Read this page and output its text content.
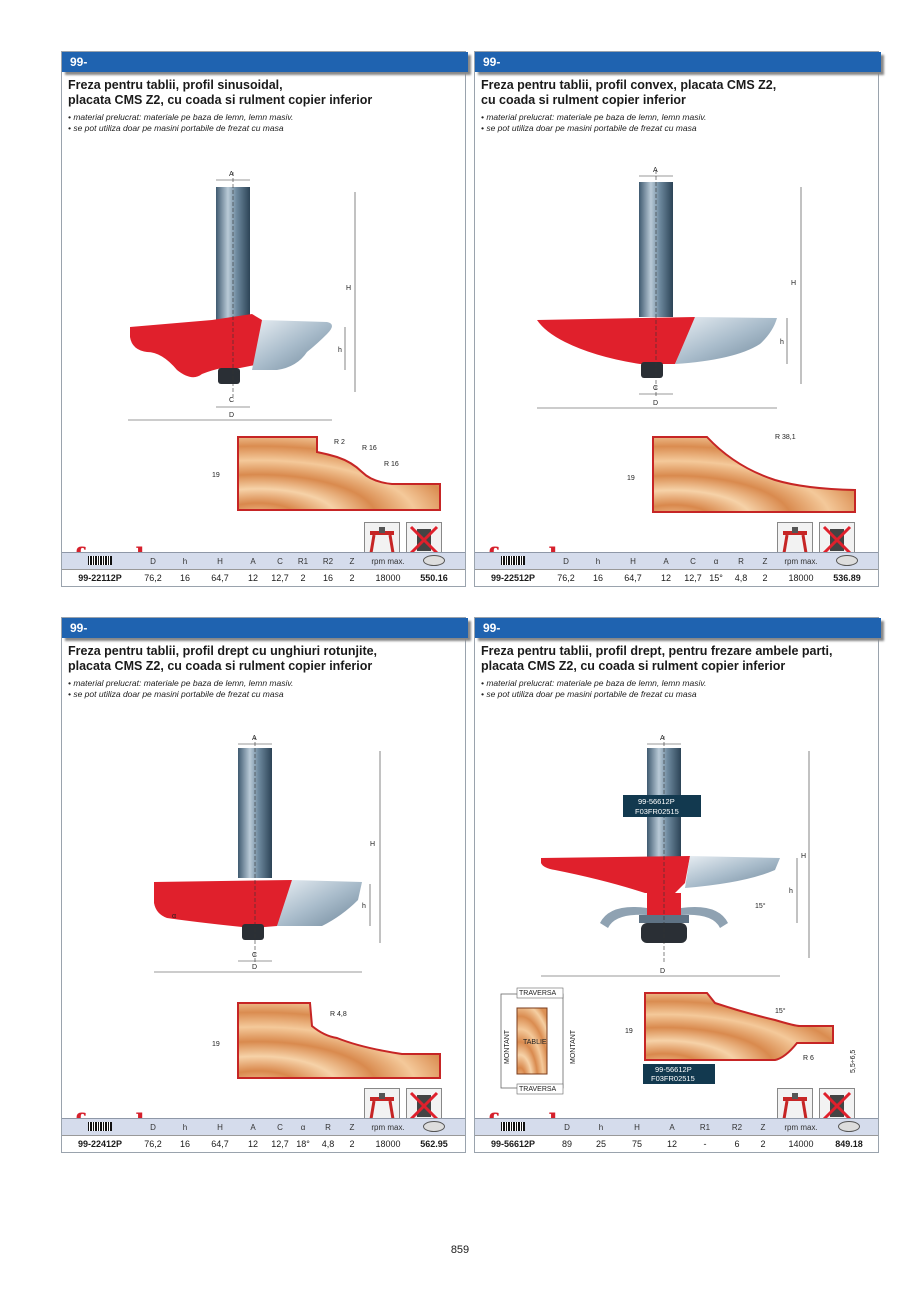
99-
Freza pentru tablii, profil sinusoidal,
placata CMS Z2, cu coada si rulment copier inferior
• material prelucrat: materiale pe baza de lemn, lemn masiv.
• se pot utiliza doar pe masini portabile de frezat cu masa
A
H
h
C
D
19
R 2
R 16
R 16
D	h	H	A	C	R1	R2	Z	rpm max.
99-22112P	76,2	16	64,7	12	12,7	2	16	2	18000	550.16
99-
Freza pentru tablii, profil convex, placata CMS Z2,
cu coada si rulment copier inferior
• material prelucrat: materiale pe baza de lemn, lemn masiv.
• se pot utiliza doar pe masini portabile de frezat cu masa
A
H
h
C
D
19
R 38,1
D	h	H	A	C	α	R	Z	rpm max.
99-22512P	76,2	16	64,7	12	12,7 15°	4,8	2	18000	536.89
99-
Freza pentru tablii, profil drept cu unghiuri rotunjite,
placata CMS Z2, cu coada si rulment copier inferior
• material prelucrat: materiale pe baza de lemn, lemn masiv.
• se pot utiliza doar pe masini portabile de frezat cu masa
A
H
h
C
D
α
19
R 4,8
D	h	H	A	C	α	R	Z	rpm max.
99-22412P	76,2	16	64,7	12	12,7 18°	4,8	2	18000	562.95
99-
Freza pentru tablii, profil drept, pentru frezare ambele parti,
placata CMS Z2, cu coada si rulment copier inferior
• material prelucrat: materiale pe baza de lemn, lemn masiv.
• se pot utiliza doar pe masini portabile de frezat cu masa
A
99-56612P
F03FR02515
H
h
D
15°
TRAVERSA
TRAVERSA
MONTANT	MONTANT
TABLIE
19
15°
R 6	5,5÷6,5
99-56612P
F03FR02515
D	h	H	A	R1	R2	Z	rpm max.
99-56612P	89	25	75	12	-	6	2	14000	849.18
859
